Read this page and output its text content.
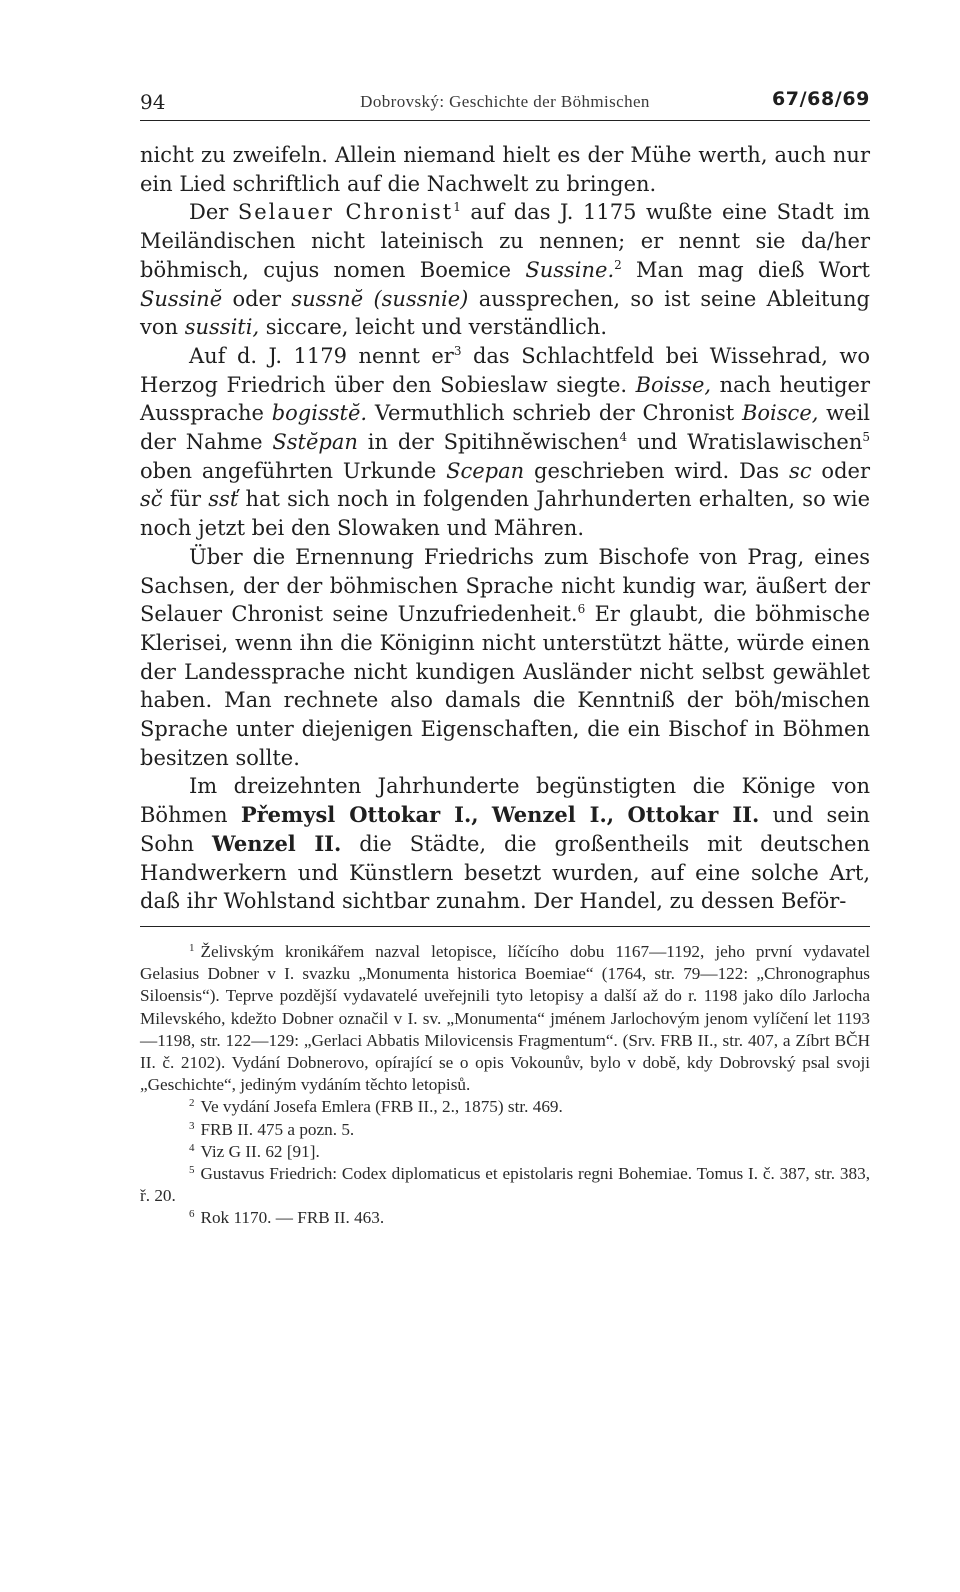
94	Dobrovský: Geschichte der Böhmischen	67/68/69

nicht zu zweifeln. Allein niemand hielt es der Mühe werth, auch nur ein Lied schriftlich auf die Nachwelt zu bringen.

Der Selauer Chronist$^1$ auf das J. 1175 wußte eine Stadt im Meiländischen nicht lateinisch zu nennen; er nennt sie da/her böhmisch, cujus nomen Boemice Sussine.$^2$ Man mag dieß Wort Sussinĕ oder sussnĕ (sussnie) aussprechen, so ist seine Ableitung von sussiti, siccare, leicht und verständlich.

Auf d. J. 1179 nennt $er^3$ das Schlachtfeld bei Wissehrad, wo Herzog Friedrich über den Sobieslaw siegte. Boisse, nach heutiger Aussprache bogisstĕ. Vermuthlich schrieb der Chronist Boisce, weil der Nahme Sstĕpan in der Spitihnĕwischen$^4$ und Wratislawischen$^5$ oben angeführten Urkunde Scepan geschrieben wird. Das sc oder sč für ssť hat sich noch in folgenden Jahrhunderten erhalten, so wie noch jetzt bei den Slowaken und Mähren.

Über die Ernennung Friedrichs zum Bischofe von Prag, eines Sachsen, der der böhmischen Sprache nicht kundig war, äußert der Selauer Chronist seine Unzufriedenheit.$^6$ Er glaubt, die böhmische Klerisei, wenn ihn die Königinn nicht unterstützt hätte, würde einen der Landessprache nicht kundigen Ausländer nicht selbst gewählet haben. Man rechnete also damals die Kenntniß der böh/mischen Sprache unter diejenigen Eigenschaften, die ein Bischof in Böhmen besitzen sollte.

Im dreizehnten Jahrhunderte begünstigten die Könige von Böhmen Přemysl Ottokar I., Wenzel I., Ottokar II. und sein Sohn Wenzel II. die Städte, die großentheils mit deutschen Handwerkern und Künstlern besetzt wurden, auf eine solche Art, daß ihr Wohlstand sichtbar zunahm. Der Handel, zu dessen Beför-

$^1$ Želivským kronikářem nazval letopisce, líčícího dobu 1167—1192, jeho první vydavatel Gelasius Dobner v I. svazku „Monumenta historica Boemiae“ (1764, str. 79—122: „Chronographus Siloensis“). Teprve pozdější vydavatelé uveřejnili tyto letopisy a další až do r. 1198 jako dílo Jarlocha Milevského, kdežto Dobner označil v I. sv. „Monumenta“ jménem Jarlochovým jenom vylíčení let 1193—1198, str. 122—129: „Gerlaci Abbatis Milovicensis Fragmentum“. (Srv. FRB II., str. 407, a Zíbrt BČH II. č. 2102). Vydání Dobnerovo, opírající se o opis Vokounův, bylo v době, kdy Dobrovský psal svoji „Geschichte“, jediným vydáním těchto letopisů.

$^2$ Ve vydání Josefa Emlera (FRB II., 2., 1875) str. 469.

$^3$ FRB II. 475 a pozn. 5.

$^4$ Viz G II. 62 [91].

$^5$ Gustavus Friedrich: Codex diplomaticus et epistolaris regni Bohemiae. Tomus I. č. 387, str. 383, ř. 20.

$^6$ Rok 1170. — FRB II. 463.
